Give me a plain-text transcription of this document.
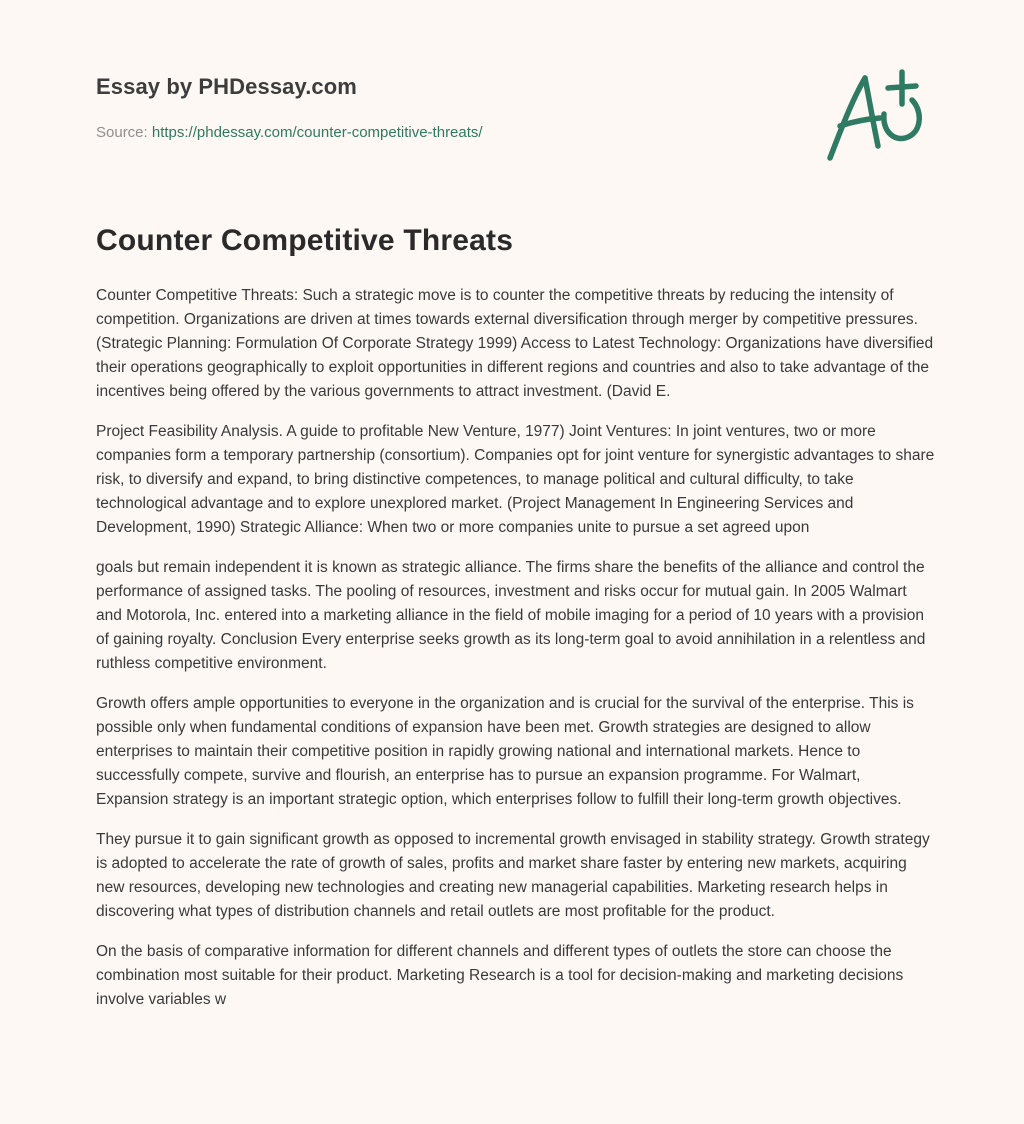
Essay by PHDessay.com

Source: https://phdessay.com/counter-competitive-threats/

Counter Competitive Threats

Counter Competitive Threats: Such a strategic move is to counter the competitive threats by reducing the intensity of competition. Organizations are driven at times towards external diversification through merger by competitive pressures. (Strategic Planning: Formulation Of Corporate Strategy 1999) Access to Latest Technology: Organizations have diversified their operations geographically to exploit opportunities in different regions and countries and also to take advantage of the incentives being offered by the various governments to attract investment. (David E.

Project Feasibility Analysis. A guide to profitable New Venture, 1977) Joint Ventures: In joint ventures, two or more companies form a temporary partnership (consortium). Companies opt for joint venture for synergistic advantages to share risk, to diversify and expand, to bring distinctive competences, to manage political and cultural difficulty, to take technological advantage and to explore unexplored market. (Project Management In Engineering Services and Development, 1990) Strategic Alliance: When two or more companies unite to pursue a set agreed upon

goals but remain independent it is known as strategic alliance. The firms share the benefits of the alliance and control the performance of assigned tasks. The pooling of resources, investment and risks occur for mutual gain. In 2005 Walmart and Motorola, Inc. entered into a marketing alliance in the field of mobile imaging for a period of 10 years with a provision of gaining royalty. Conclusion Every enterprise seeks growth as its long-term goal to avoid annihilation in a relentless and ruthless competitive environment.

Growth offers ample opportunities to everyone in the organization and is crucial for the survival of the enterprise. This is possible only when fundamental conditions of expansion have been met. Growth strategies are designed to allow enterprises to maintain their competitive position in rapidly growing national and international markets. Hence to successfully compete, survive and flourish, an enterprise has to pursue an expansion programme. For Walmart, Expansion strategy is an important strategic option, which enterprises follow to fulfill their long-term growth objectives.

They pursue it to gain significant growth as opposed to incremental growth envisaged in stability strategy. Growth strategy is adopted to accelerate the rate of growth of sales, profits and market share faster by entering new markets, acquiring new resources, developing new technologies and creating new managerial capabilities. Marketing research helps in discovering what types of distribution channels and retail outlets are most profitable for the product.

On the basis of comparative information for different channels and different types of outlets the store can choose the combination most suitable for their product. Marketing Research is a tool for decision-making and marketing decisions involve variables w
